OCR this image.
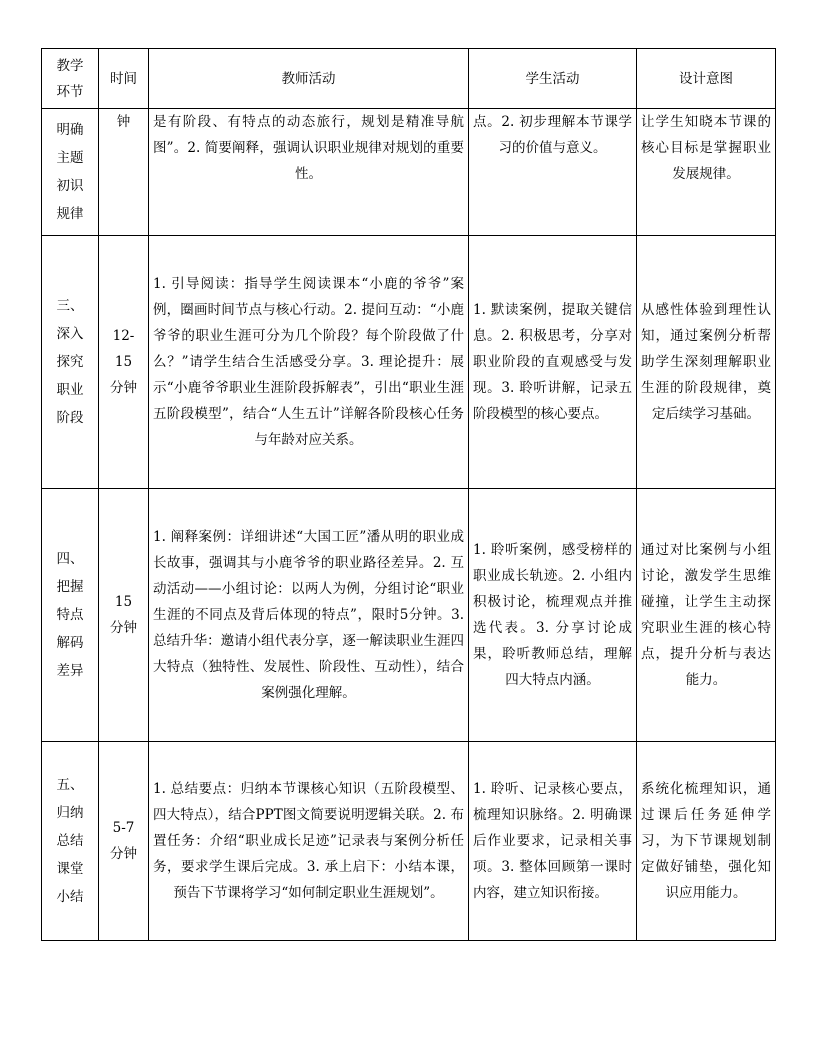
教学
环节	时间	教师活动	学生活动	设计意图

明确
主题
初识
规律	钟	是有阶段、有特点的动态旅行，规划是精准导航图”。2. 简要阐释，强调认识职业规律对规划的重要性。	点。2. 初步理解本节课学习的价值与意义。	让学生知晓本节课的核心目标是掌握职业发展规律。

三、
深入
探究
职业
阶段	12-
15
分钟	1. 引导阅读：指导学生阅读课本“小鹿的爷爷”案例，圈画时间节点与核心行动。2. 提问互动：“小鹿爷爷的职业生涯可分为几个阶段？每个阶段做了什么？”请学生结合生活感受分享。3. 理论提升：展示“小鹿爷爷职业生涯阶段拆解表”，引出“职业生涯五阶段模型”，结合“人生五计”详解各阶段核心任务与年龄对应关系。	1. 默读案例，提取关键信息。2. 积极思考，分享对职业阶段的直观感受与发现。3. 聆听讲解，记录五阶段模型的核心要点。	从感性体验到理性认知，通过案例分析帮助学生深刻理解职业生涯的阶段规律，奠定后续学习基础。

四、
把握
特点
解码
差异	15
分钟	1. 阐释案例：详细讲述“大国工匠”潘从明的职业成长故事，强调其与小鹿爷爷的职业路径差异。2. 互动活动——小组讨论：以两人为例，分组讨论“职业生涯的不同点及背后体现的特点”，限时5分钟。3. 总结升华：邀请小组代表分享，逐一解读职业生涯四大特点（独特性、发展性、阶段性、互动性），结合案例强化理解。	1. 聆听案例，感受榜样的职业成长轨迹。2. 小组内积极讨论，梳理观点并推选代表。3. 分享讨论成果，聆听教师总结，理解四大特点内涵。	通过对比案例与小组讨论，激发学生思维碰撞，让学生主动探究职业生涯的核心特点，提升分析与表达能力。

五、
归纳
总结
课堂
小结	5-7
分钟	1. 总结要点：归纳本节课核心知识（五阶段模型、四大特点），结合PPT图文简要说明逻辑关联。2. 布置任务：介绍“职业成长足迹”记录表与案例分析任务，要求学生课后完成。3. 承上启下：小结本课，预告下节课将学习“如何制定职业生涯规划”。	1. 聆听、记录核心要点，梳理知识脉络。2. 明确课后作业要求，记录相关事项。3. 整体回顾第一课时内容，建立知识衔接。	系统化梳理知识，通过课后任务延伸学习，为下节课规划制定做好铺垫，强化知识应用能力。
